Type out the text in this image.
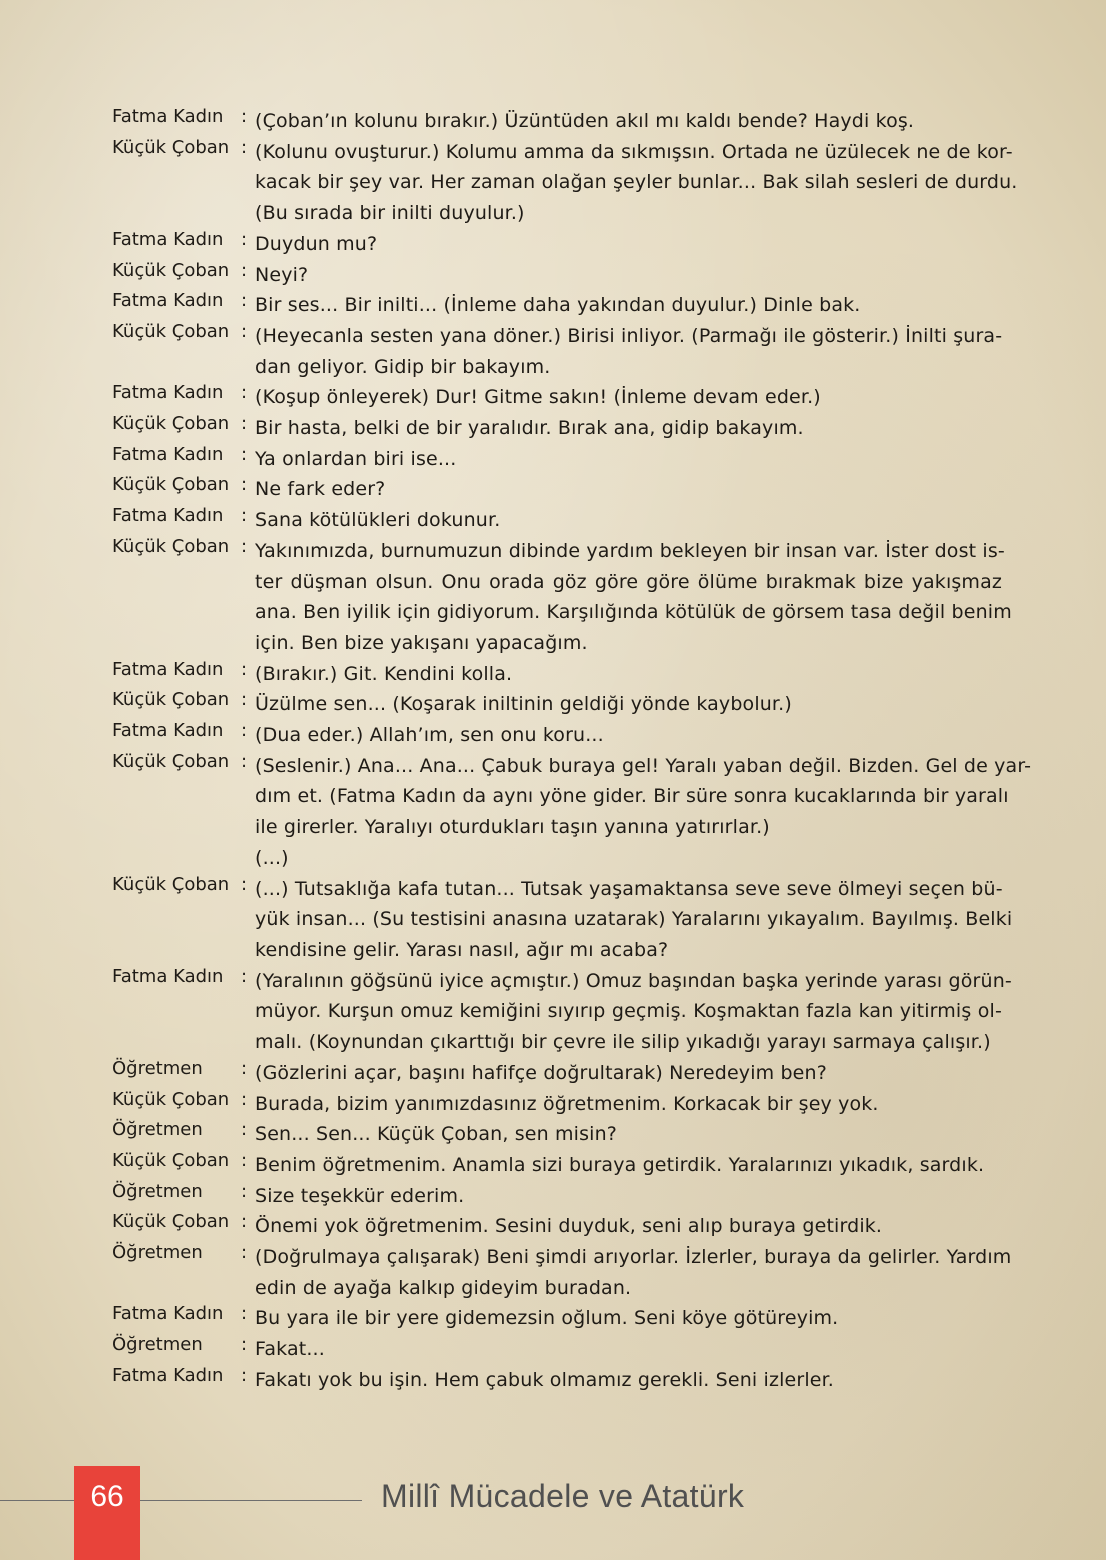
Fatma Kadın : (Çoban’ın kolunu bırakır.) Üzüntüden akıl mı kaldı bende? Haydi koş.
Küçük Çoban : (Kolunu ovuşturur.) Kolumu amma da sıkmışsın. Ortada ne üzülecek ne de kor-
kacak bir şey var. Her zaman olağan şeyler bunlar... Bak silah sesleri de durdu.
(Bu sırada bir inilti duyulur.)
Fatma Kadın : Duydun mu?
Küçük Çoban : Neyi?
Fatma Kadın : Bir ses... Bir inilti... (İnleme daha yakından duyulur.) Dinle bak.
Küçük Çoban : (Heyecanla sesten yana döner.) Birisi inliyor. (Parmağı ile gösterir.) İnilti şura-
dan geliyor. Gidip bir bakayım.
Fatma Kadın : (Koşup önleyerek) Dur! Gitme sakın! (İnleme devam eder.)
Küçük Çoban : Bir hasta, belki de bir yaralıdır. Bırak ana, gidip bakayım.
Fatma Kadın : Ya onlardan biri ise...
Küçük Çoban : Ne fark eder?
Fatma Kadın : Sana kötülükleri dokunur.
Küçük Çoban : Yakınımızda, burnumuzun dibinde yardım bekleyen bir insan var. İster dost is-
ter düşman olsun. Onu orada göz göre göre ölüme bırakmak bize yakışmaz
ana. Ben iyilik için gidiyorum. Karşılığında kötülük de görsem tasa değil benim
için. Ben bize yakışanı yapacağım.
Fatma Kadın : (Bırakır.) Git. Kendini kolla.
Küçük Çoban : Üzülme sen... (Koşarak iniltinin geldiği yönde kaybolur.)
Fatma Kadın : (Dua eder.) Allah’ım, sen onu koru...
Küçük Çoban : (Seslenir.) Ana... Ana... Çabuk buraya gel! Yaralı yaban değil. Bizden. Gel de yar-
dım et. (Fatma Kadın da aynı yöne gider. Bir süre sonra kucaklarında bir yaralı
ile girerler. Yaralıyı oturdukları taşın yanına yatırırlar.)
(...)
Küçük Çoban : (...) Tutsaklığa kafa tutan... Tutsak yaşamaktansa seve seve ölmeyi seçen bü-
yük insan... (Su testisini anasına uzatarak) Yaralarını yıkayalım. Bayılmış. Belki
kendisine gelir. Yarası nasıl, ağır mı acaba?
Fatma Kadın : (Yaralının göğsünü iyice açmıştır.) Omuz başından başka yerinde yarası görün-
müyor. Kurşun omuz kemiğini sıyırıp geçmiş. Koşmaktan fazla kan yitirmiş ol-
malı. (Koynundan çıkarttığı bir çevre ile silip yıkadığı yarayı sarmaya çalışır.)
Öğretmen	: (Gözlerini açar, başını hafifçe doğrultarak) Neredeyim ben?
Küçük Çoban : Burada, bizim yanımızdasınız öğretmenim. Korkacak bir şey yok.
Öğretmen	: Sen... Sen... Küçük Çoban, sen misin?
Küçük Çoban : Benim öğretmenim. Anamla sizi buraya getirdik. Yaralarınızı yıkadık, sardık.
Öğretmen	: Size teşekkür ederim.
Küçük Çoban : Önemi yok öğretmenim. Sesini duyduk, seni alıp buraya getirdik.
Öğretmen	: (Doğrulmaya çalışarak) Beni şimdi arıyorlar. İzlerler, buraya da gelirler. Yardım
edin de ayağa kalkıp gideyim buradan.
Fatma Kadın : Bu yara ile bir yere gidemezsin oğlum. Seni köye götüreyim.
Öğretmen	: Fakat...
Fatma Kadın : Fakatı yok bu işin. Hem çabuk olmamız gerekli. Seni izlerler.
66	Millî Mücadele ve Atatürk
